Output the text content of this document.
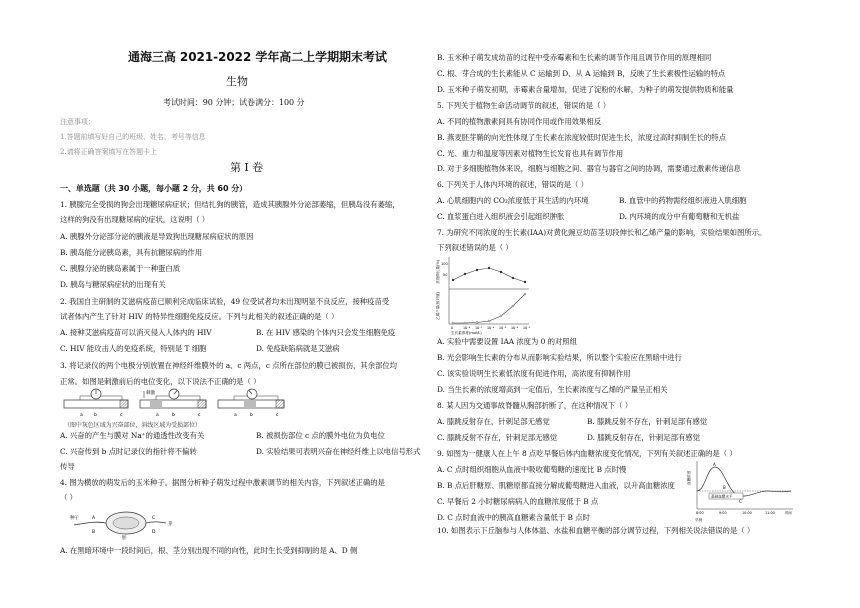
通海三高 2021-2022 学年高二上学期期末考试
生物
考试时间：90 分钟；试卷满分：100 分
注意事项：
1.答题前填写好自己的班级、姓名、考号等信息
2.请将正确答案填写在答题卡上
第 I 卷
一、单选题（共 30 小题，每小题 2 分，共 60 分）
1. 胰腺完全受损的狗会出现糖尿病症状；但结扎狗的胰管，造成其胰腺外分泌部萎缩，但胰岛没有萎缩，
这样的狗没有出现糖尿病的症状。这说明（ ）
A. 胰腺外分泌部分泌的胰液是导致狗出现糖尿病症状的原因
B. 胰岛能分泌胰岛素，具有抗糖尿病的作用
C. 胰腺分泌的胰岛素属于一种蛋白质
D. 胰岛与糖尿病症状的出现有关
2. 我国自主研制的艾滋病疫苗已顺利完成临床试验，49 位受试者均未出现明显不良反应，接种疫苗受
试者体内产生了针对 HIV 的特异性细胞免疫反应。下列与此相关的叙述正确的是（ ）
A. 接种艾滋病疫苗可以消灭侵入人体内的 HIV	B. 在 HIV 感染的个体内只会发生细胞免疫
C. HIV 能攻击人的免疫系统，特别是 T 细胞	D. 免疫缺陷病就是艾滋病
3. 将记录仪的两个电极分别放置在神经纤维膜外的 a、c 两点，c 点所在部位的膜已被损伤，其余部位均
正常。如图是刺激前后的电位变化，以下说法不正确的是（ ）
a b	c
刺激
a	b	c	a	b	c
（图中灰色区域为兴奋部位，斜线区域为受损部位）
A. 兴奋的产生与膜对 Na⁺的通透性改变有关	B. 被损伤部位 c 点的膜外电位为负电位
C. 兴奋传到 b 点时记录仪的指针将不偏转	D. 实验结果可表明兴奋在神经纤维上以电信号形式
传导
4. 图为横放的萌发后的玉米种子。据图分析种子萌发过程中激素调节的相关内容，下列叙述正确的是
（ ）
种子	A
B
C
D
胚
芽
A. 在黑暗环境中一段时间后，根、茎分别出现不同的向性，此时生长受到抑制的是 A、D 侧
B. 玉米种子萌发成幼苗的过程中受赤霉素和生长素的调节作用且调节作用的原理相同
C. 根、芽合成的生长素能从 C 运输到 D、从 A 运输到 B，反映了生长素极性运输的特点
D. 玉米种子萌发初期，赤霉素含量增加，促进了淀粉的水解，为种子的萌发提供物质和能量
5. 下列关于植物生命活动调节的叙述，错误的是（ ）
A. 不同的植物激素间具有协同作用或作用效果相反
B. 燕麦胚芽鞘的向光性体现了生长素在浓度较低时促进生长，浓度过高时抑制生长的特点
C. 光、重力和温度等因素对植物生长发育也具有调节作用
D. 对于多细胞植物体来说，细胞与细胞之间、器官与器官之间的协调，需要通过激素传递信息
6. 下列关于人体内环境的叙述，错误的是（ ）
A. 心肌细胞内的 CO₂浓度低于其生活的内环境	B. 血管中的药物需经组织液进入肌细胞
C. 血浆蛋白进入组织液会引起组织肿胀	D. 内环境的成分中有葡萄糖和无机盐
7. 为研究不同浓度的生长素(IAA)对黄化豌豆幼苗茎切段伸长和乙烯产量的影响，实验结果如图所示。
下列叙述错误的是（ ）
茎段伸长量(%)
乙烯产量(相对值)
50
100
0	10⁻⁸ 10⁻⁷ 10⁻⁶ 10⁻⁵ 10⁻⁴ 10⁻³
生长素浓度(mol/L)
A. 实验中需要设置 IAA 浓度为 0 的对照组
B. 光会影响生长素的分布从而影响实验结果，所以整个实验应在黑暗中进行
C. 该实验说明生长素低浓度有促进作用，高浓度有抑制作用
D. 当生长素的浓度增高到一定值后，生长素浓度与乙烯的产量呈正相关
8. 某人因为交通事故脊髓从胸部折断了，在这种情况下（ ）
A. 膝跳反射存在，针刺足部无感觉	B. 膝跳反射不存在，针刺足部有感觉
C. 膝跳反射不存在，针刺足部无感觉	D. 膝跳反射存在，针刺足部有感觉
9. 如图为一健康人在上午 8 点吃早餐后体内血糖浓度变化情况，下列有关叙述正确的是（ ）
A. C 点时组织细胞从血液中吸收葡萄糖的速度比 B 点时慢
B. B 点后肝糖原、肌糖原都直接分解成葡萄糖进入血液，以升高血糖浓度
C. 早餐后 2 小时糖尿病病人的血糖浓度低于 B 点
D. C 点时血液中的胰高血糖素含量低于 B 点时
血糖浓度
A
B
C
基础血糖水平
8:00	9:00	10:00	11:00	时间
早餐
10. 如图表示下丘脑参与人体体温、水盐和血糖平衡的部分调节过程，下列相关说法错误的是（ ）
